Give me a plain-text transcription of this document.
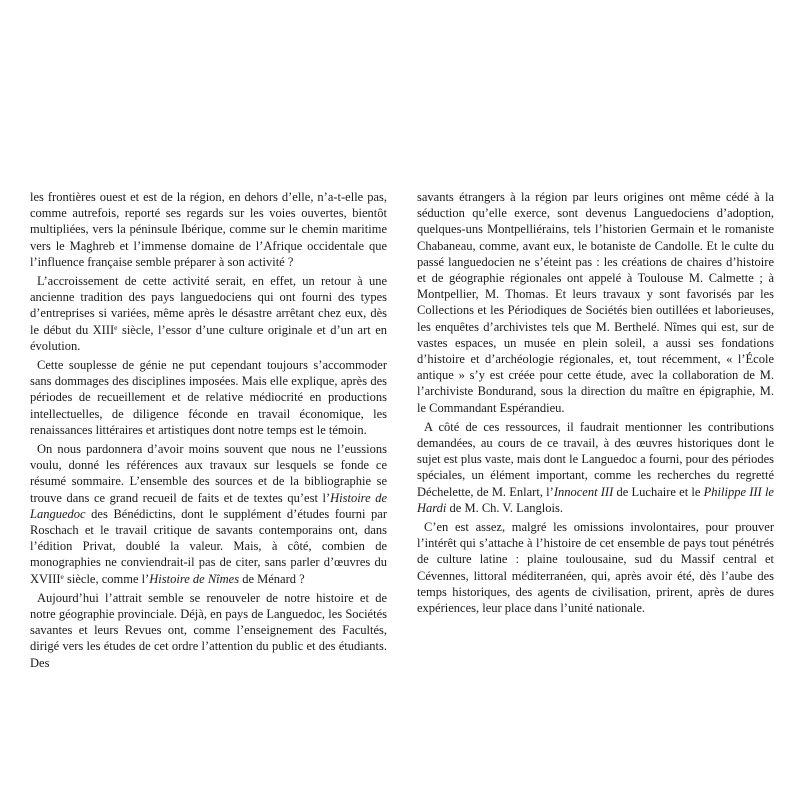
les frontières ouest et est de la région, en dehors d’elle, n’a-t-elle pas, comme autrefois, reporté ses regards sur les voies ouvertes, bientôt multipliées, vers la péninsule Ibérique, comme sur le chemin maritime vers le Maghreb et l’immense domaine de l’Afrique occidentale que l’influence française semble préparer à son activité ?

L’accroissement de cette activité serait, en effet, un retour à une ancienne tradition des pays languedociens qui ont fourni des types d’entreprises si variées, même après le désastre arrêtant chez eux, dès le début du XIIIe siècle, l’essor d’une culture originale et d’un art en évolution.

Cette souplesse de génie ne put cependant toujours s’accommoder sans dommages des disciplines imposées. Mais elle explique, après des périodes de recueillement et de relative médiocrité en productions intellectuelles, de diligence féconde en travail économique, les renaissances littéraires et artistiques dont notre temps est le témoin.

On nous pardonnera d’avoir moins souvent que nous ne l’eussions voulu, donné les références aux travaux sur lesquels se fonde ce résumé sommaire. L’ensemble des sources et de la bibliographie se trouve dans ce grand recueil de faits et de textes qu’est l’Histoire de Languedoc des Bénédictins, dont le supplément d’études fourni par Roschach et le travail critique de savants contemporains ont, dans l’édition Privat, doublé la valeur. Mais, à côté, combien de monographies ne conviendrait-il pas de citer, sans parler d’œuvres du XVIIIe siècle, comme l’Histoire de Nîmes de Ménard ?

Aujourd’hui l’attrait semble se renouveler de notre histoire et de notre géographie provinciale. Déjà, en pays de Languedoc, les Sociétés savantes et leurs Revues ont, comme l’enseignement des Facultés, dirigé vers les études de cet ordre l’attention du public et des étudiants. Des

savants étrangers à la région par leurs origines ont même cédé à la séduction qu’elle exerce, sont devenus Languedociens d’adoption, quelques-uns Montpelliérains, tels l’historien Germain et le romaniste Chabaneau, comme, avant eux, le botaniste de Candolle. Et le culte du passé languedocien ne s’éteint pas : les créations de chaires d’histoire et de géographie régionales ont appelé à Toulouse M. Calmette ; à Montpellier, M. Thomas. Et leurs travaux y sont favorisés par les Collections et les Périodiques de Sociétés bien outillées et laborieuses, les enquêtes d’archivistes tels que M. Berthelé. Nîmes qui est, sur de vastes espaces, un musée en plein soleil, a aussi ses fondations d’histoire et d’archéologie régionales, et, tout récemment, « l’École antique » s’y est créée pour cette étude, avec la collaboration de M. l’archiviste Bondurand, sous la direction du maître en épigraphie, M. le Commandant Espérandieu.

A côté de ces ressources, il faudrait mentionner les contributions demandées, au cours de ce travail, à des œuvres historiques dont le sujet est plus vaste, mais dont le Languedoc a fourni, pour des périodes spéciales, un élément important, comme les recherches du regretté Déchelette, de M. Enlart, l’Innocent III de Luchaire et le Philippe III le Hardi de M. Ch. V. Langlois.

C’en est assez, malgré les omissions involontaires, pour prouver l’intérêt qui s’attache à l’histoire de cet ensemble de pays tout pénétrés de culture latine : plaine toulousaine, sud du Massif central et Cévennes, littoral méditerranéen, qui, après avoir été, dès l’aube des temps historiques, des agents de civilisation, prirent, après de dures expériences, leur place dans l’unité nationale.
